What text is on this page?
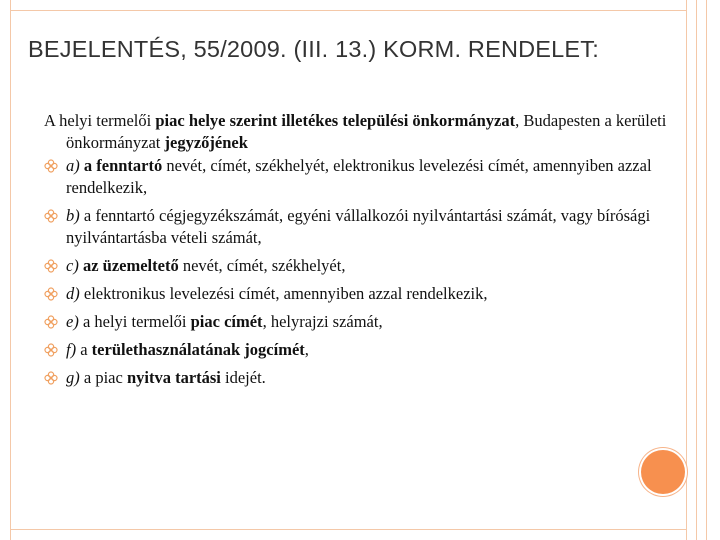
BEJELENTÉS, 55/2009. (III. 13.) KORM. RENDELET:

A helyi termelői piac helye szerint illetékes települési önkormányzat, Budapesten a kerületi önkormányzat jegyzőjének

a) a fenntartó nevét, címét, székhelyét, elektronikus levelezési címét, amennyiben azzal rendelkezik,
b) a fenntartó cégjegyzékszámát, egyéni vállalkozói nyilvántartási számát, vagy bírósági nyilvántartásba vételi számát,
c) az üzemeltető nevét, címét, székhelyét,
d) elektronikus levelezési címét, amennyiben azzal rendelkezik,
e) a helyi termelői piac címét, helyrajzi számát,
f) a területhasználatának jogcímét,
g) a piac nyitva tartási idejét.
